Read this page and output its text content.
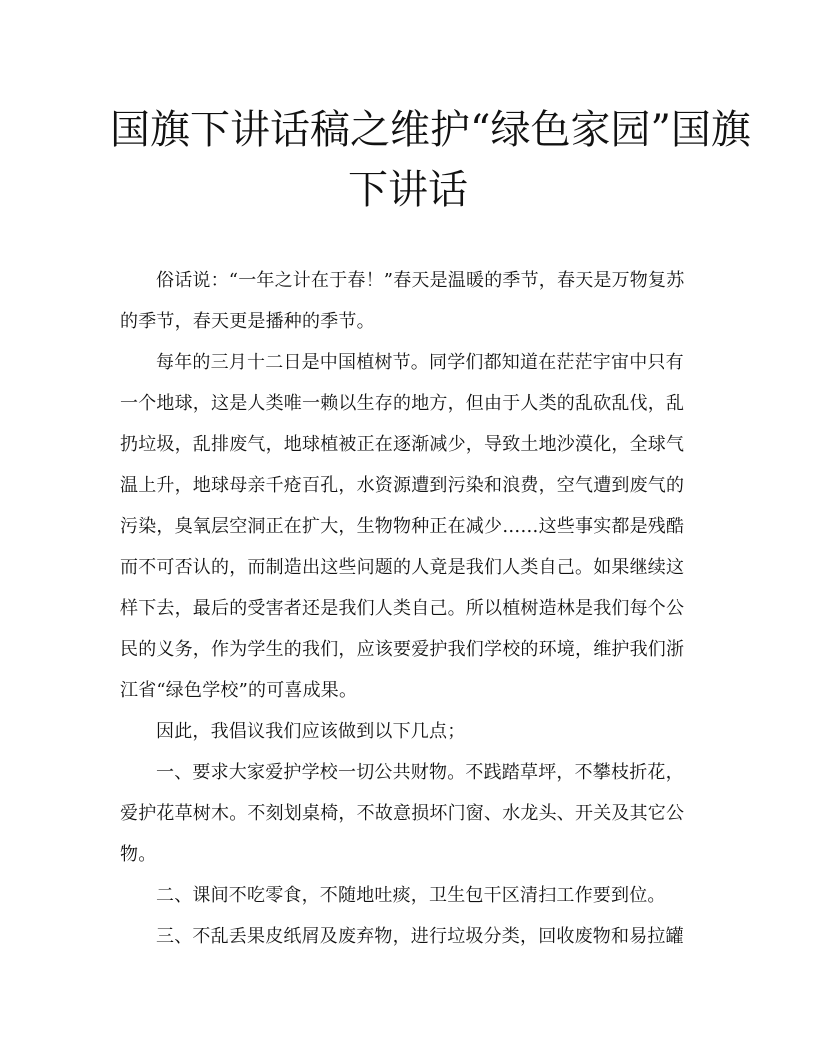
国旗下讲话稿之维护“绿色家园”国旗
下讲话

俗话说：“一年之计在于春！”春天是温暖的季节，春天是万物复苏
的季节，春天更是播种的季节。

每年的三月十二日是中国植树节。同学们都知道在茫茫宇宙中只有
一个地球，这是人类唯一赖以生存的地方，但由于人类的乱砍乱伐，乱
扔垃圾，乱排废气，地球植被正在逐渐减少，导致土地沙漠化，全球气
温上升，地球母亲千疮百孔，水资源遭到污染和浪费，空气遭到废气的
污染，臭氧层空洞正在扩大，生物物种正在减少……这些事实都是残酷
而不可否认的，而制造出这些问题的人竟是我们人类自己。如果继续这
样下去，最后的受害者还是我们人类自己。所以植树造林是我们每个公
民的义务，作为学生的我们，应该要爱护我们学校的环境，维护我们浙
江省“绿色学校”的可喜成果。

因此，我倡议我们应该做到以下几点；

一、要求大家爱护学校一切公共财物。不践踏草坪，不攀枝折花，
爱护花草树木。不刻划桌椅，不故意损坏门窗、水龙头、开关及其它公
物。

二、课间不吃零食，不随地吐痰，卫生包干区清扫工作要到位。

三、不乱丢果皮纸屑及废弃物，进行垃圾分类，回收废物和易拉罐
